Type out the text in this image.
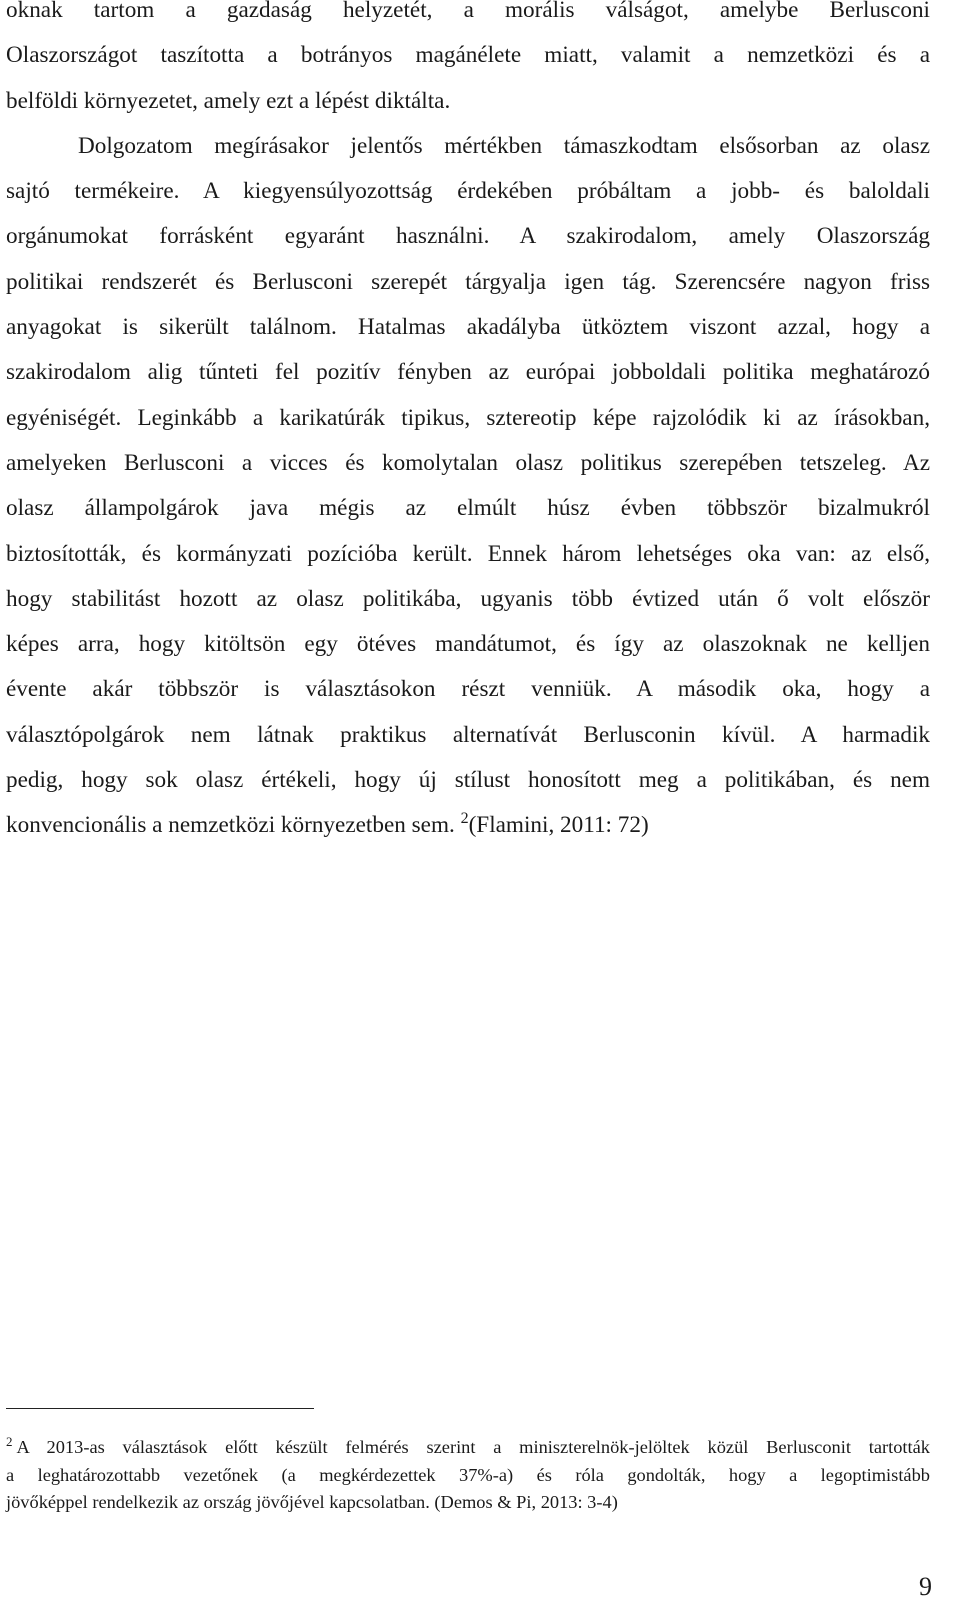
oknak tartom a gazdaság helyzetét, a morális válságot, amelybe Berlusconi
Olaszországot taszította a botrányos magánélete miatt, valamit a nemzetközi és a
belföldi környezetet, amely ezt a lépést diktálta.
Dolgozatom megírásakor jelentős mértékben támaszkodtam elsősorban az olasz
sajtó termékeire. A kiegyensúlyozottság érdekében próbáltam a jobb- és baloldali
orgánumokat forrásként egyaránt használni. A szakirodalom, amely Olaszország
politikai rendszerét és Berlusconi szerepét tárgyalja igen tág. Szerencsére nagyon friss
anyagokat is sikerült találnom. Hatalmas akadályba ütköztem viszont azzal, hogy a
szakirodalom alig tűnteti fel pozitív fényben az európai jobboldali politika meghatározó
egyéniségét. Leginkább a karikatúrák tipikus, sztereotip képe rajzolódik ki az írásokban,
amelyeken Berlusconi a vicces és komolytalan olasz politikus szerepében tetszeleg. Az
olasz állampolgárok java mégis az elmúlt húsz évben többször bizalmukról
biztosították, és kormányzati pozícióba került. Ennek három lehetséges oka van: az első,
hogy stabilitást hozott az olasz politikába, ugyanis több évtized után ő volt először
képes arra, hogy kitöltsön egy ötéves mandátumot, és így az olaszoknak ne kelljen
évente akár többször is választásokon részt venniük. A második oka, hogy a
választópolgárok nem látnak praktikus alternatívát Berlusconin kívül. A harmadik
pedig, hogy sok olasz értékeli, hogy új stílust honosított meg a politikában, és nem
konvencionális a nemzetközi környezetben sem. $^2$(Flamini, 2011: 72)
$^2$ A 2013-as választások előtt készült felmérés szerint a miniszterelnök-jelöltek közül Berlusconit tartották
a leghatározottabb vezetőnek (a megkérdezettek 37%-a) és róla gondolták, hogy a legoptimistább
jövőképpel rendelkezik az ország jövőjével kapcsolatban. (Demos & Pi, 2013: 3-4)
9
